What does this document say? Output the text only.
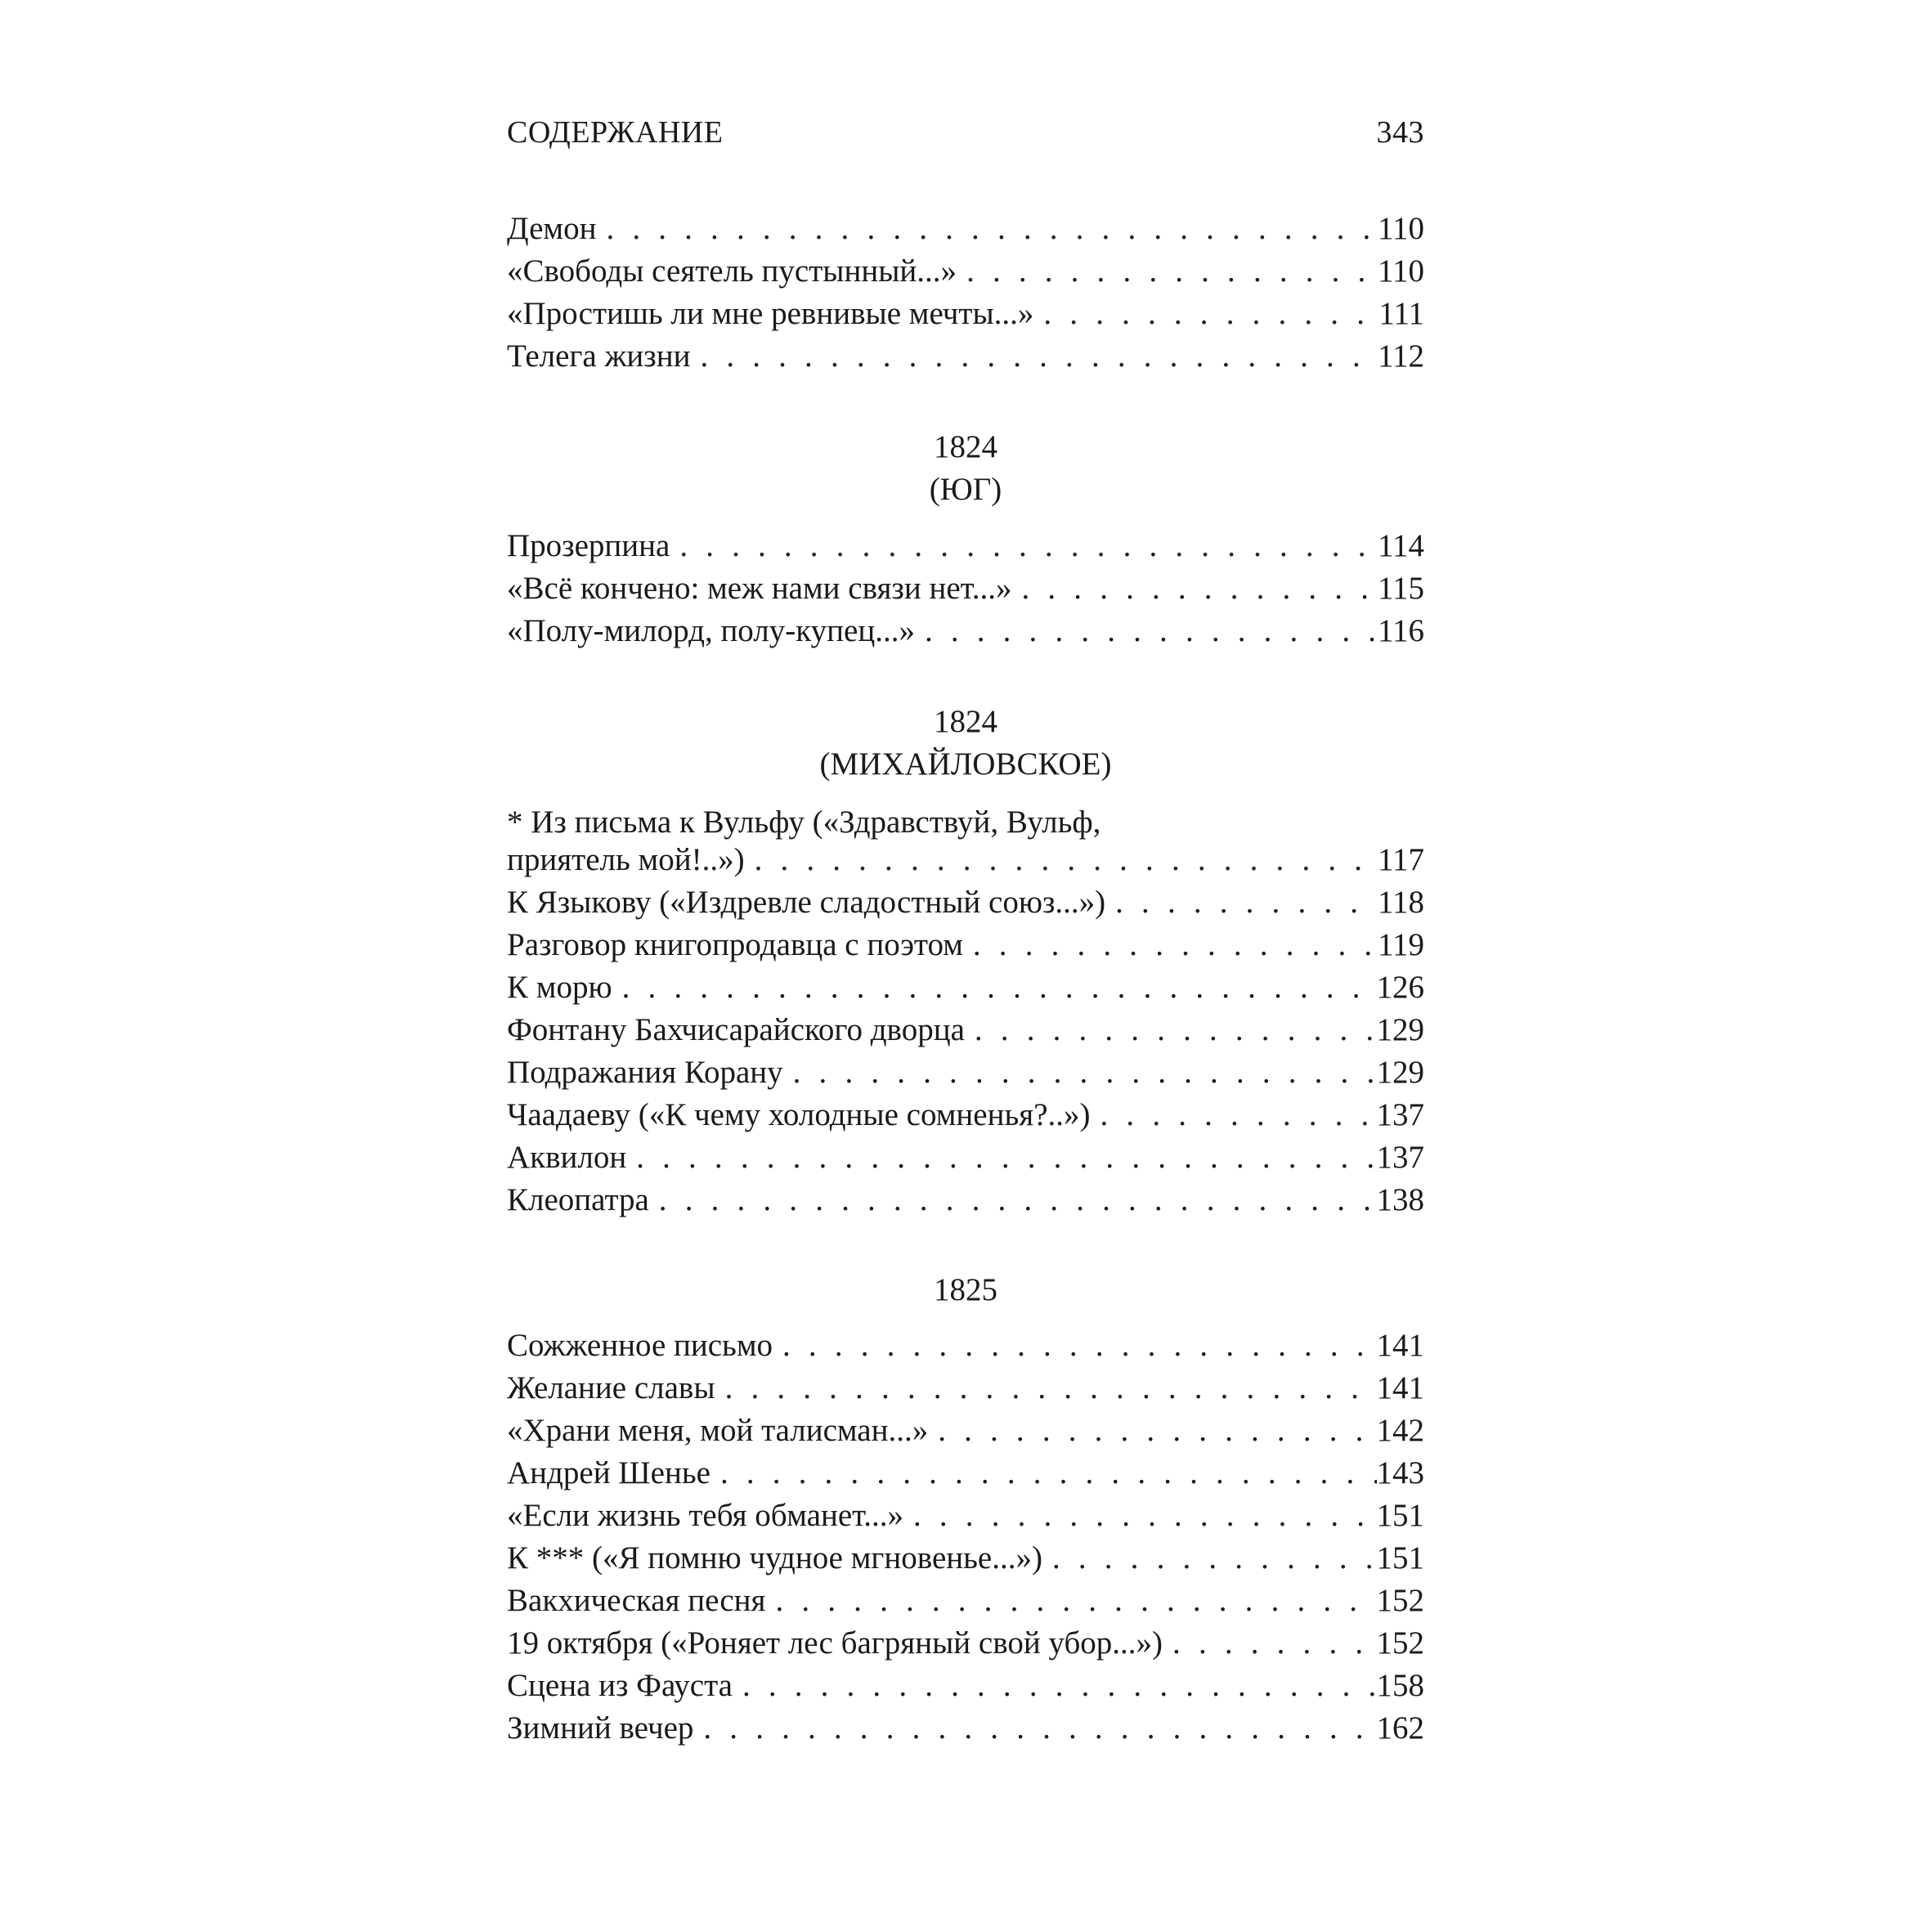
СОДЕРЖАНИЕ	343
Демон . . .	110
«Свободы сеятель пустынный...» . . .	110
«Простишь ли мне ревнивые мечты...» . . .	111
Телега жизни . . .	112
1824
(ЮГ)
Прозерпина . . .	114
«Всё кончено: меж нами связи нет...» . . .	115
«Полу-милорд, полу-купец...» . . .	116
1824
(МИХАЙЛОВСКОЕ)
* Из письма к Вульфу («Здравствуй, Вульф,
приятель мой!..») . . .	117
К Языкову («Издревле сладостный союз...») . . .	118
Разговор книгопродавца с поэтом . . .	119
К морю . . .	126
Фонтану Бахчисарайского дворца . . .	129
Подражания Корану . . .	129
Чаадаеву («К чему холодные сомненья?..») . . .	137
Аквилон . . .	137
Клеопатра . . .	138
1825
Сожженное письмо . . .	141
Желание славы . . .	141
«Храни меня, мой талисман...» . . .	142
Андрей Шенье . . .	143
«Если жизнь тебя обманет...» . . .	151
К *** («Я помню чудное мгновенье...») . . .	151
Вакхическая песня . . .	152
19 октября («Роняет лес багряный свой убор...») . . .	152
Сцена из Фауста . . .	158
Зимний вечер . . .	162
